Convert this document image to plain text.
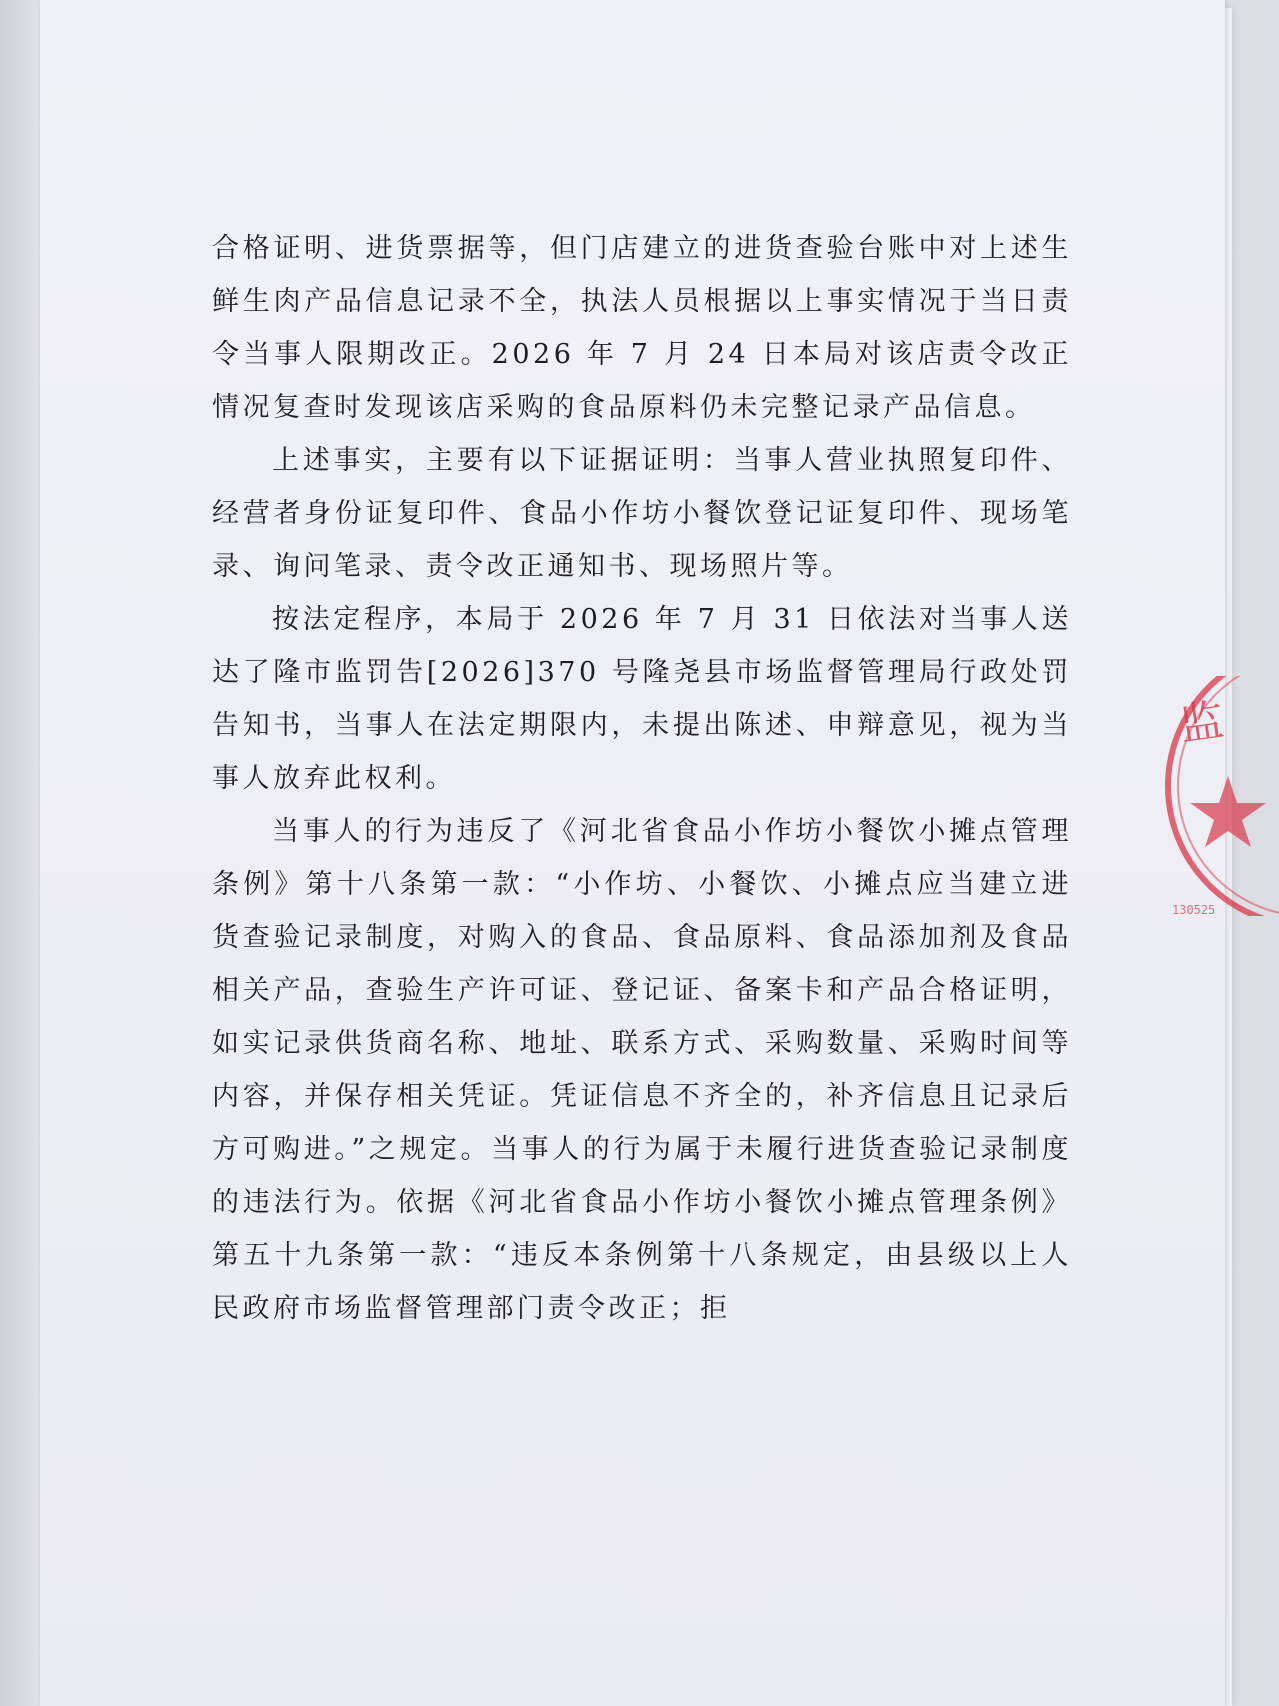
合格证明、进货票据等，但门店建立的进货查验台账中对上述生鲜生肉产品信息记录不全，执法人员根据以上事实情况于当日责令当事人限期改正。2026 年 7 月 24 日本局对该店责令改正情况复查时发现该店采购的食品原料仍未完整记录产品信息。

上述事实，主要有以下证据证明：当事人营业执照复印件、经营者身份证复印件、食品小作坊小餐饮登记证复印件、现场笔录、询问笔录、责令改正通知书、现场照片等。

按法定程序，本局于 2026 年 7 月 31 日依法对当事人送达了隆市监罚告[2026]370 号隆尧县市场监督管理局行政处罚告知书，当事人在法定期限内，未提出陈述、申辩意见，视为当事人放弃此权利。

当事人的行为违反了《河北省食品小作坊小餐饮小摊点管理条例》第十八条第一款：“小作坊、小餐饮、小摊点应当建立进货查验记录制度，对购入的食品、食品原料、食品添加剂及食品相关产品，查验生产许可证、登记证、备案卡和产品合格证明，如实记录供货商名称、地址、联系方式、采购数量、采购时间等内容，并保存相关凭证。凭证信息不齐全的，补齐信息且记录后方可购进。”之规定。当事人的行为属于未履行进货查验记录制度的违法行为。依据《河北省食品小作坊小餐饮小摊点管理条例》第五十九条第一款：“违反本条例第十八条规定，由县级以上人民政府市场监督管理部门责令改正；拒

监
130525
